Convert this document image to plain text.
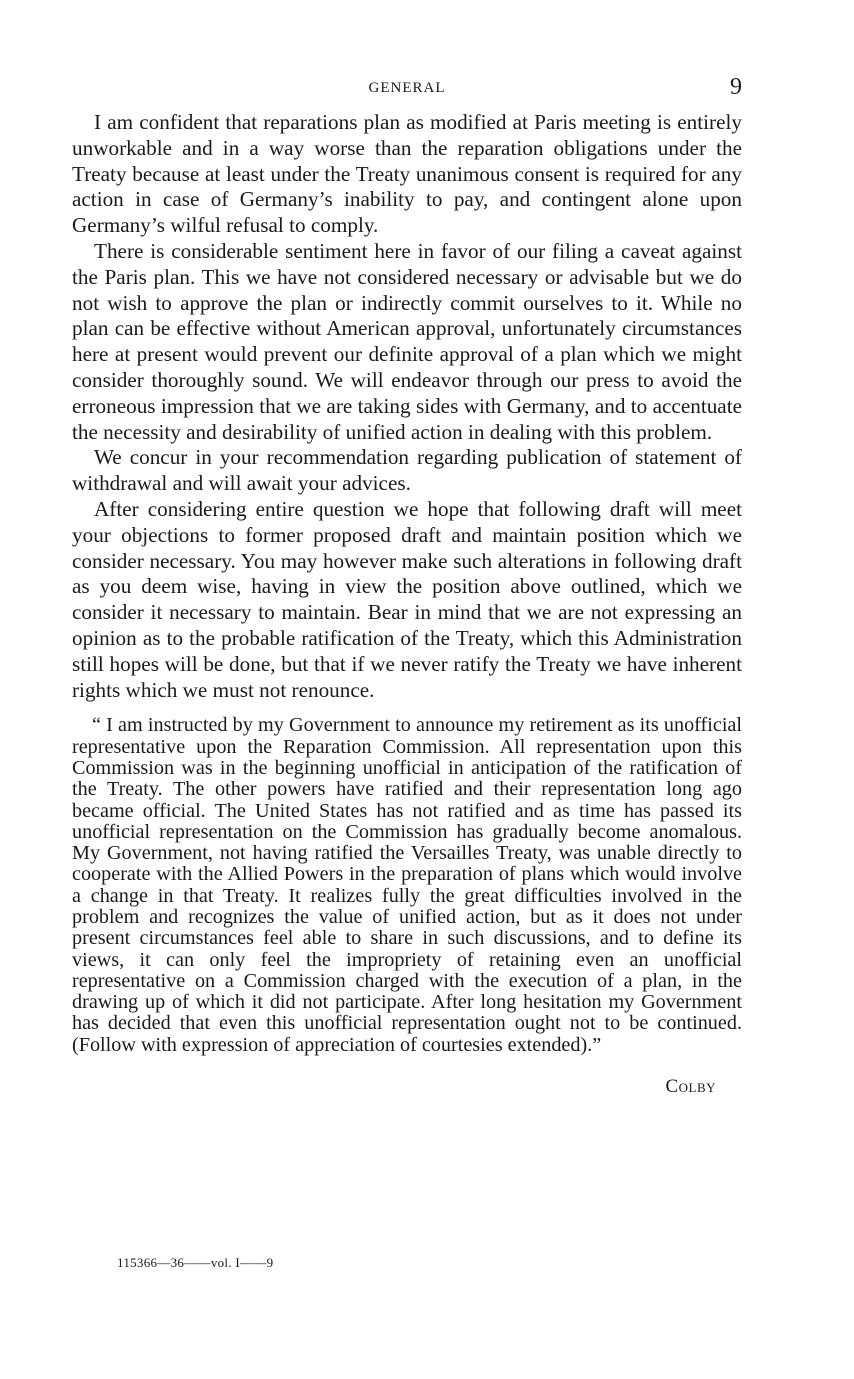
GENERAL	9

I am confident that reparations plan as modified at Paris meeting is entirely unworkable and in a way worse than the reparation obligations under the Treaty because at least under the Treaty unanimous consent is required for any action in case of Germany’s inability to pay, and contingent alone upon Germany’s wilful refusal to comply.

There is considerable sentiment here in favor of our filing a caveat against the Paris plan. This we have not considered necessary or advisable but we do not wish to approve the plan or indirectly commit ourselves to it. While no plan can be effective without American approval, unfortunately circumstances here at present would prevent our definite approval of a plan which we might consider thoroughly sound. We will endeavor through our press to avoid the erroneous impression that we are taking sides with Germany, and to accentuate the necessity and desirability of unified action in dealing with this problem.

We concur in your recommendation regarding publication of statement of withdrawal and will await your advices.

After considering entire question we hope that following draft will meet your objections to former proposed draft and maintain position which we consider necessary. You may however make such alterations in following draft as you deem wise, having in view the position above outlined, which we consider it necessary to maintain. Bear in mind that we are not expressing an opinion as to the probable ratification of the Treaty, which this Administration still hopes will be done, but that if we never ratify the Treaty we have inherent rights which we must not renounce.

“ I am instructed by my Government to announce my retirement as its unofficial representative upon the Reparation Commission. All representation upon this Commission was in the beginning unofficial in anticipation of the ratification of the Treaty. The other powers have ratified and their representation long ago became official. The United States has not ratified and as time has passed its unofficial representation on the Commission has gradually become anomalous. My Government, not having ratified the Versailles Treaty, was unable directly to cooperate with the Allied Powers in the preparation of plans which would involve a change in that Treaty. It realizes fully the great difficulties involved in the problem and recognizes the value of unified action, but as it does not under present circumstances feel able to share in such discussions, and to define its views, it can only feel the impropriety of retaining even an unofficial representative on a Commission charged with the execution of a plan, in the drawing up of which it did not participate. After long hesitation my Government has decided that even this unofficial representation ought not to be continued. (Follow with expression of appreciation of courtesies extended).”

Colby
115366—36——vol. I——9
